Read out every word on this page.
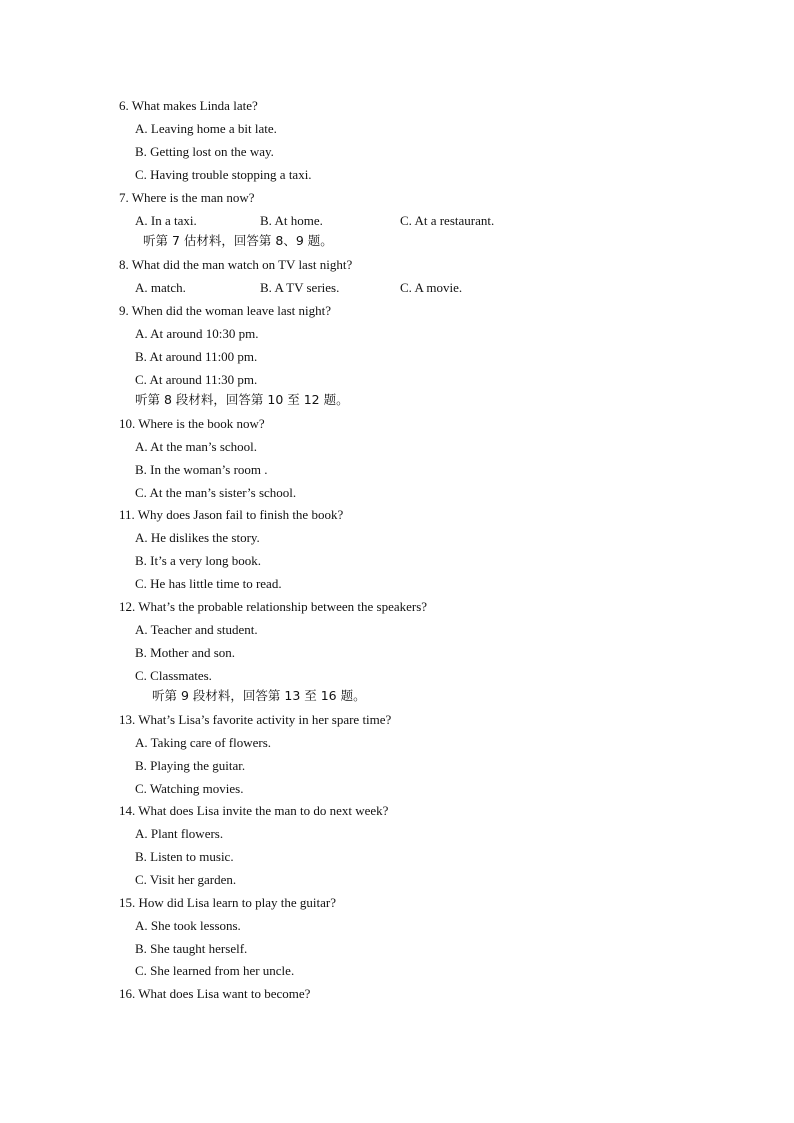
6. What makes Linda late?
A. Leaving home a bit late.
B. Getting lost on the way.
C. Having trouble stopping a taxi.
7. Where is the man now?

A. In a taxi.

	B. At home.

	C. At a restaurant.

听第 7 估材料，回答第 8、9 题。
8. What did the man watch on TV last night?

A. match.

	B. A TV series.

	C. A movie.

9. When did the woman leave last night?
A. At around 10:30 pm.
B. At around 11:00 pm.
C. At around 11:30 pm.
听第 8 段材料，回答第 10 至 12 题。
10. Where is the book now?
A. At the man’s school.
B. In the woman’s room .
C. At the man’s sister’s school.
11. Why does Jason fail to finish the book?
A. He dislikes the story.
B. It’s a very long book.
C. He has little time to read.
12. What’s the probable relationship between the speakers?
A. Teacher and student.
B. Mother and son.
C. Classmates.
听第 9 段材料，回答第 13 至 16 题。
13. What’s Lisa’s favorite activity in her spare time?
A. Taking care of flowers.
B. Playing the guitar.
C. Watching movies.
14. What does Lisa invite the man to do next week?
A. Plant flowers.
B. Listen to music.
C. Visit her garden.
15. How did Lisa learn to play the guitar?
A. She took lessons.
B. She taught herself.
C. She learned from her uncle.
16. What does Lisa want to become?
